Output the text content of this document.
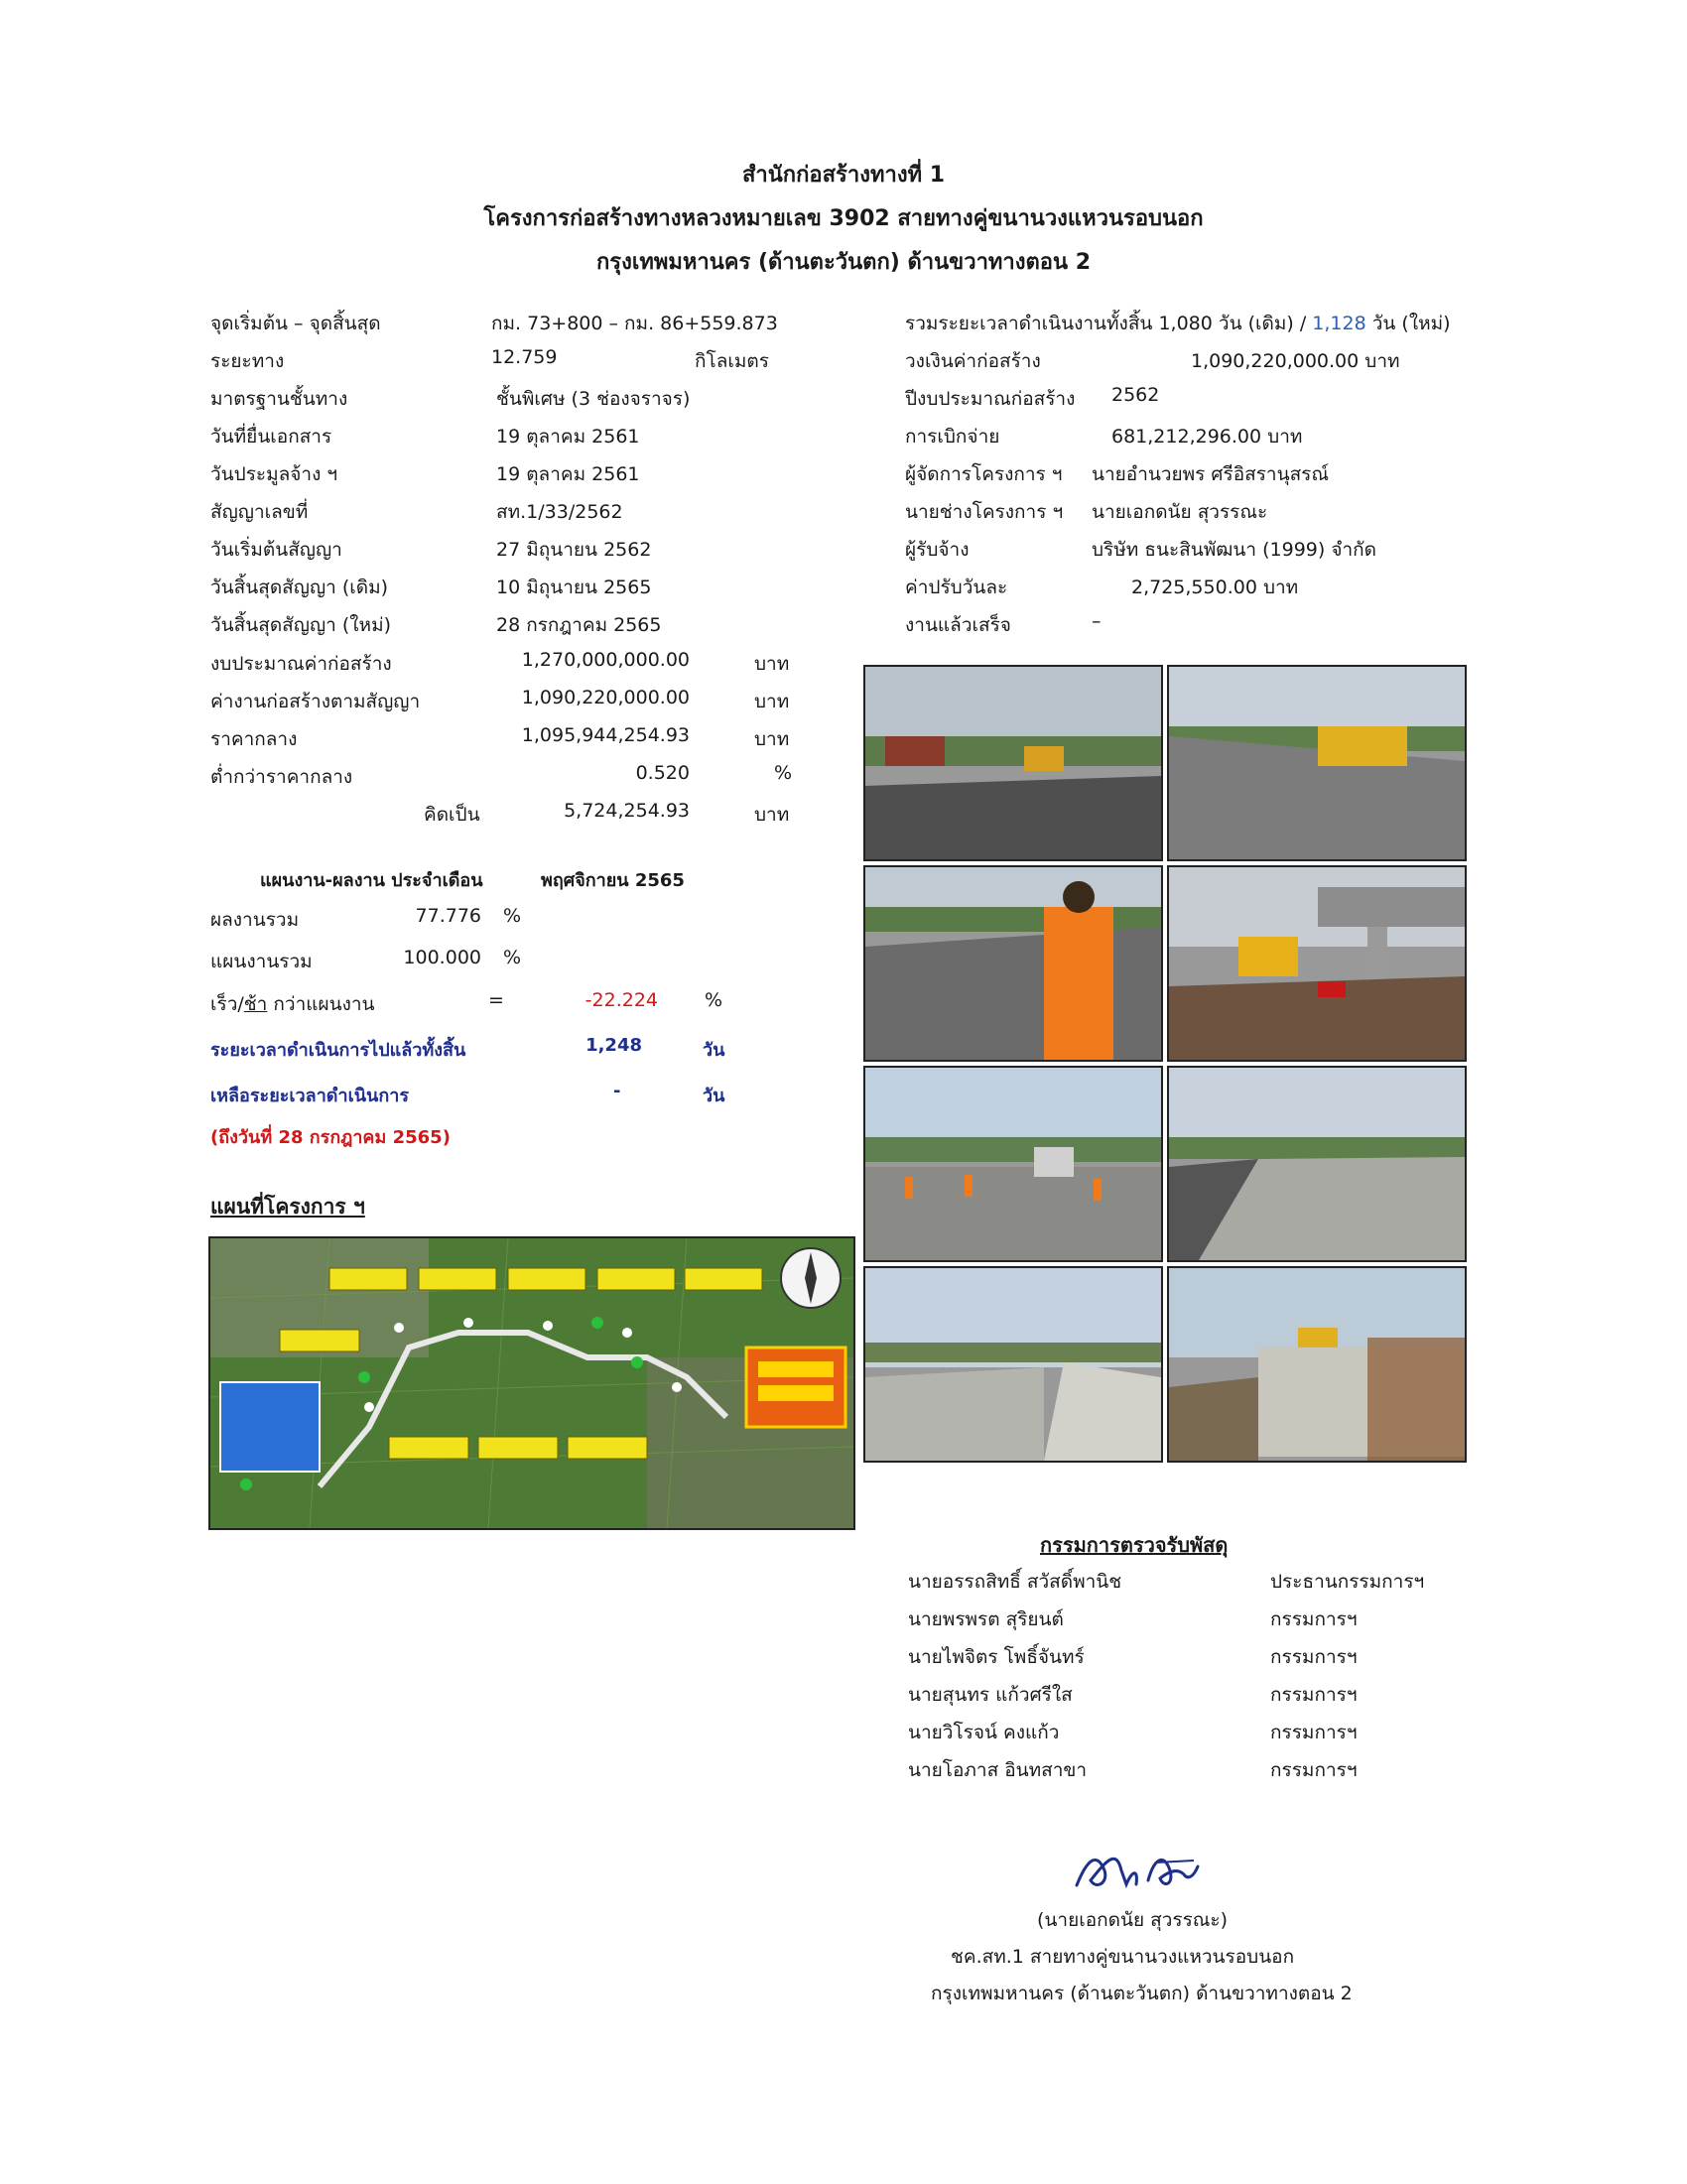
สำนักก่อสร้างทางที่ 1
โครงการก่อสร้างทางหลวงหมายเลข 3902 สายทางคู่ขนานวงแหวนรอบนอก
กรุงเทพมหานคร (ด้านตะวันตก) ด้านขวาทางตอน 2
จุดเริ่มต้น – จุดสิ้นสุด	กม. 73+800 – กม. 86+559.873
ระยะทาง	12.759	กิโลเมตร
มาตรฐานชั้นทาง	ชั้นพิเศษ (3 ช่องจราจร)
วันที่ยื่นเอกสาร	19 ตุลาคม 2561
วันประมูลจ้าง ฯ	19 ตุลาคม 2561
สัญญาเลขที่	สท.1/33/2562
วันเริ่มต้นสัญญา	27 มิถุนายน 2562
วันสิ้นสุดสัญญา (เดิม)	10 มิถุนายน 2565
วันสิ้นสุดสัญญา (ใหม่)	28 กรกฎาคม 2565
งบประมาณค่าก่อสร้าง	1,270,000,000.00	บาท
ค่างานก่อสร้างตามสัญญา	1,090,220,000.00	บาท
ราคากลาง	1,095,944,254.93	บาท
ต่ำกว่าราคากลาง	0.520	%
คิดเป็น	5,724,254.93	บาท
รวมระยะเวลาดำเนินงานทั้งสิ้น 1,080 วัน (เดิม) / 1,128 วัน (ใหม่)
วงเงินค่าก่อสร้าง	1,090,220,000.00 บาท
ปีงบประมาณก่อสร้าง 2562
การเบิกจ่าย	681,212,296.00 บาท
ผู้จัดการโครงการ ฯ นายอำนวยพร ศรีอิสรานุสรณ์
นายช่างโครงการ ฯ นายเอกดนัย สุวรรณะ
ผู้รับจ้าง	บริษัท ธนะสินพัฒนา (1999) จำกัด
ค่าปรับวันละ	2,725,550.00 บาท
งานแล้วเสร็จ	–
แผนงาน-ผลงาน ประจำเดือน	พฤศจิกายน 2565
ผลงานรวม	77.776 %
แผนงานรวม	100.000 %
เร็ว/ช้า กว่าแผนงาน	=	-22.224 %
ระยะเวลาดำเนินการไปแล้วทั้งสิ้น	1,248	วัน
เหลือระยะเวลาดำเนินการ	-	วัน
(ถึงวันที่ 28 กรกฎาคม 2565)
แผนที่โครงการ ฯ
กรรมการตรวจรับพัสดุ
นายอรรถสิทธิ์ สวัสดิ์พานิช	ประธานกรรมการฯ
นายพรพรต สุริยนต์	กรรมการฯ
นายไพจิตร โพธิ์จันทร์	กรรมการฯ
นายสุนทร แก้วศรีใส	กรรมการฯ
นายวิโรจน์ คงแก้ว	กรรมการฯ
นายโอภาส อินทสาขา	กรรมการฯ
(นายเอกดนัย สุวรรณะ)
ชค.สท.1 สายทางคู่ขนานวงแหวนรอบนอก
กรุงเทพมหานคร (ด้านตะวันตก) ด้านขวาทางตอน 2
